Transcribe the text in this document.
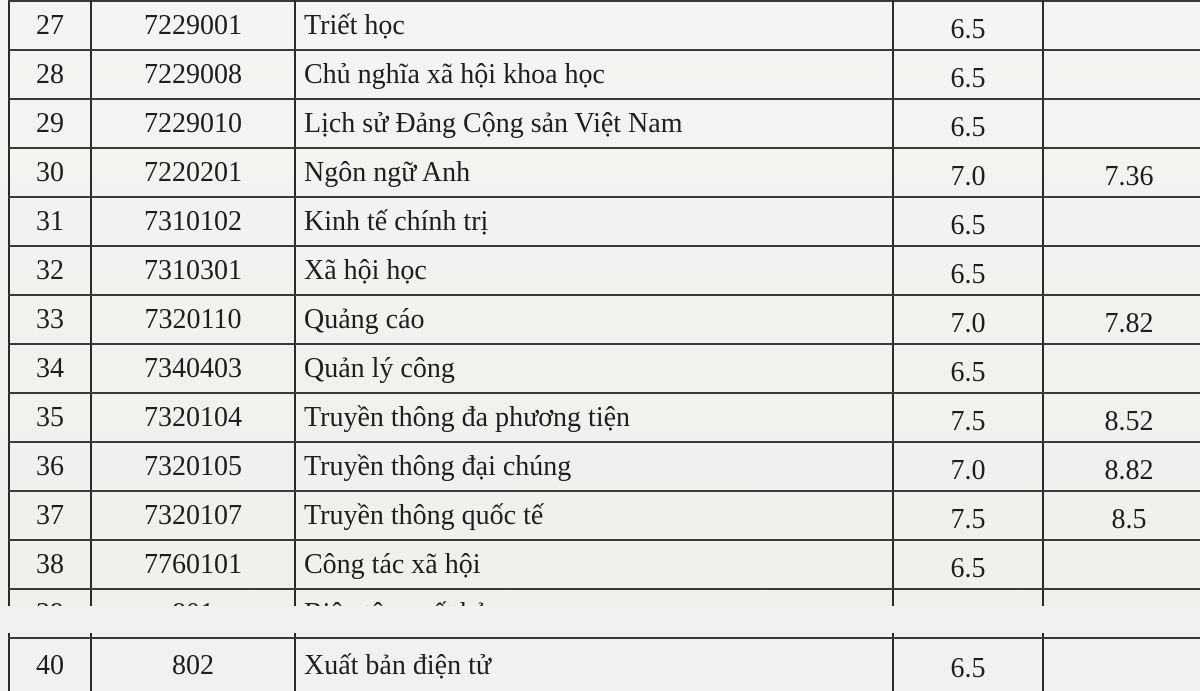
27	7229001	Triết học	6.5	
28	7229008	Chủ nghĩa xã hội khoa học	6.5	
29	7229010	Lịch sử Đảng Cộng sản Việt Nam	6.5	
30	7220201	Ngôn ngữ Anh	7.0	7.36
31	7310102	Kinh tế chính trị	6.5	
32	7310301	Xã hội học	6.5	
33	7320110	Quảng cáo	7.0	7.82
34	7340403	Quản lý công	6.5	
35	7320104	Truyền thông đa phương tiện	7.5	8.52
36	7320105	Truyền thông đại chúng	7.0	8.82
37	7320107	Truyền thông quốc tế	7.5	8.5
38	7760101	Công tác xã hội	6.5	

40	802	Xuất bản điện tử	6.5	
